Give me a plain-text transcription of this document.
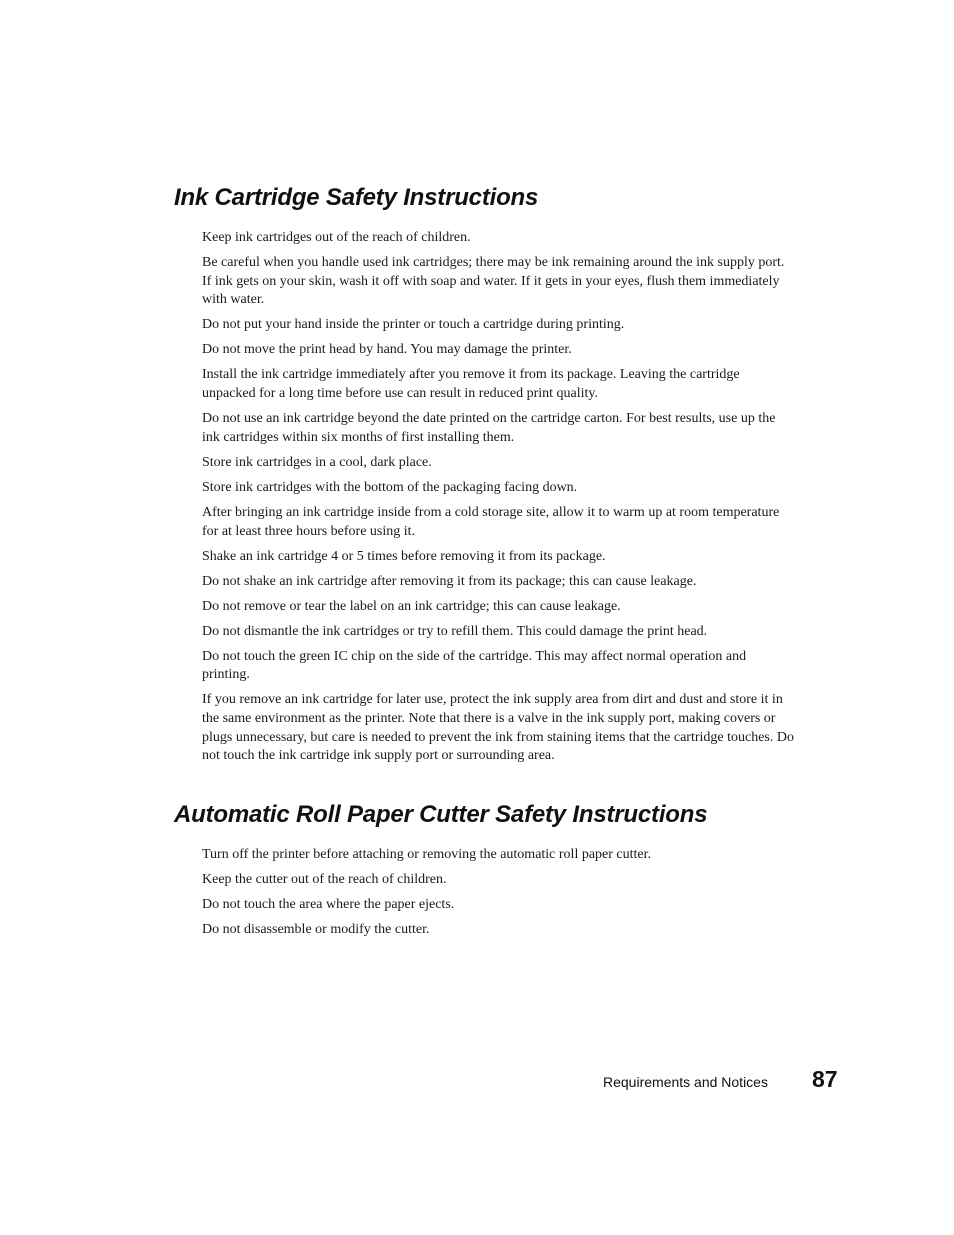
Ink Cartridge Safety Instructions
Keep ink cartridges out of the reach of children.
Be careful when you handle used ink cartridges; there may be ink remaining around the ink supply port. If ink gets on your skin, wash it off with soap and water. If it gets in your eyes, flush them immediately with water.
Do not put your hand inside the printer or touch a cartridge during printing.
Do not move the print head by hand. You may damage the printer.
Install the ink cartridge immediately after you remove it from its package. Leaving the cartridge unpacked for a long time before use can result in reduced print quality.
Do not use an ink cartridge beyond the date printed on the cartridge carton. For best results, use up the ink cartridges within six months of first installing them.
Store ink cartridges in a cool, dark place.
Store ink cartridges with the bottom of the packaging facing down.
After bringing an ink cartridge inside from a cold storage site, allow it to warm up at room temperature for at least three hours before using it.
Shake an ink cartridge 4 or 5 times before removing it from its package.
Do not shake an ink cartridge after removing it from its package; this can cause leakage.
Do not remove or tear the label on an ink cartridge; this can cause leakage.
Do not dismantle the ink cartridges or try to refill them. This could damage the print head.
Do not touch the green IC chip on the side of the cartridge. This may affect normal operation and printing.
If you remove an ink cartridge for later use, protect the ink supply area from dirt and dust and store it in the same environment as the printer. Note that there is a valve in the ink supply port, making covers or plugs unnecessary, but care is needed to prevent the ink from staining items that the cartridge touches. Do not touch the ink cartridge ink supply port or surrounding area.
Automatic Roll Paper Cutter Safety Instructions
Turn off the printer before attaching or removing the automatic roll paper cutter.
Keep the cutter out of the reach of children.
Do not touch the area where the paper ejects.
Do not disassemble or modify the cutter.
Requirements and Notices 87
